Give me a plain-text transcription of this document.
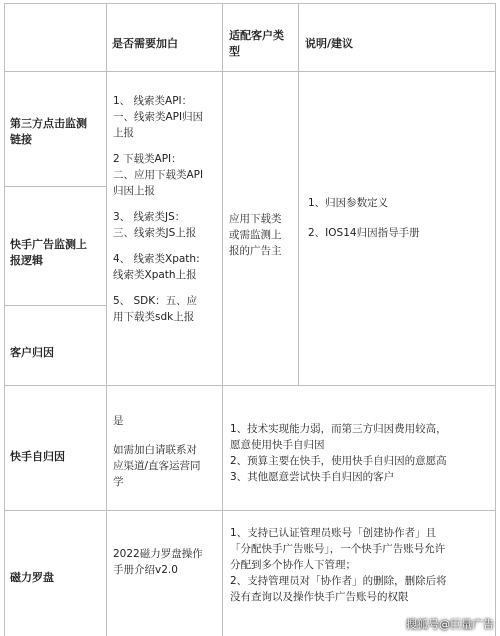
是否需要加白

适配客户类
型

说明/建议

第三方点击监测
链接

快手广告监测上
报逻辑

客户归因

快手自归因

磁力罗盘

1、 线索类API：
一、线索类API归因
上报

2 下载类API：
二、应用下载类API
归因上报

3、 线索类JS：
三、线索类JS上报

4、 线索类Xpath:
线索类Xpath上报

5、 SDK：五、应
用下载类sdk上报

应用下载类
或需监测上
报的广告主

1、归因参数定义

2、IOS14归因指导手册

是

如需加白请联系对
应渠道/直客运营同
学

1、技术实现能力弱，而第三方归因费用较高，
愿意使用快手自归因

2、预算主要在快手，使用快手自归因的意愿高

3、其他愿意尝试快手自归因的客户

2022磁力罗盘操作
手册介绍v2.0

1、支持已认证管理员账号「创建协作者」且
「分配快手广告账号」，一个快手广告账号允许
分配到多个协作人下管理；

2、支持管理员对「协作者」的删除，删除后将
没有查询以及操作快手广告账号的权限

搜狐号@巨量广告
